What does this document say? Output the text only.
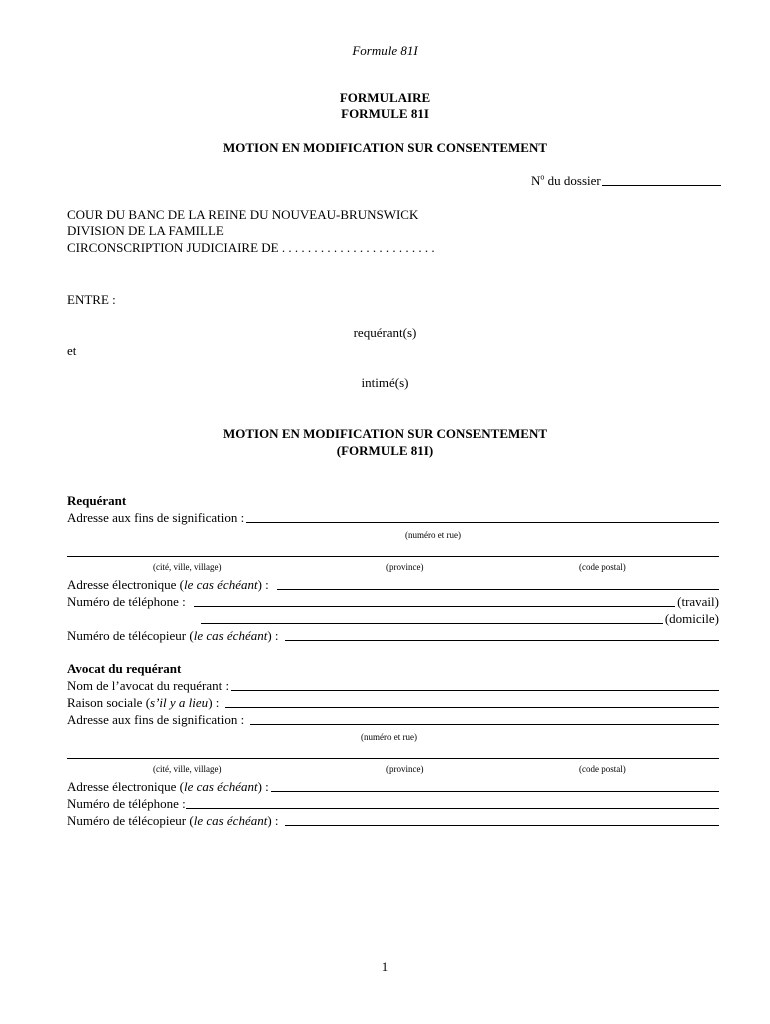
Formule 81I
FORMULAIRE
FORMULE 81I
MOTION EN MODIFICATION SUR CONSENTEMENT
$N^o$ du dossier
COUR DU BANC DE LA REINE DU NOUVEAU-BRUNSWICK
DIVISION DE LA FAMILLE
CIRCONSCRIPTION JUDICIAIRE DE . . . . . . . . . . . . . . . . . . . . . . . .
ENTRE :
requérant(s)
et
intimé(s)
MOTION EN MODIFICATION SUR CONSENTEMENT
(FORMULE 81I)
Requérant
Adresse aux fins de signification :
(numéro et rue)
(cité, ville, village)	(province)	(code postal)
Adresse électronique (le cas échéant) :
Numéro de téléphone :	(travail)
(domicile)
Numéro de télécopieur (le cas échéant) :
Avocat du requérant
Nom de l’avocat du requérant :
Raison sociale (s’il y a lieu) :
Adresse aux fins de signification :
(numéro et rue)
(cité, ville, village)	(province)	(code postal)
Adresse électronique (le cas échéant) :
Numéro de téléphone :
Numéro de télécopieur (le cas échéant) :
1
